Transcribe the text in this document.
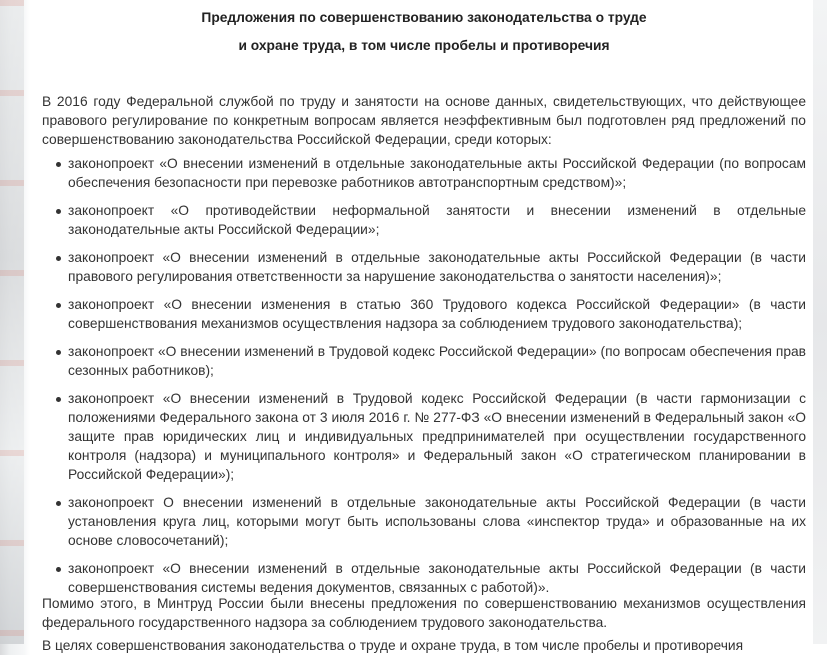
Предложения по совершенствованию законодательства о труде

и охране труда, в том числе пробелы и противоречия

В 2016 году Федеральной службой по труду и занятости на основе данных, свидетельствующих, что действующее правового регулирование по конкретным вопросам является неэффективным был подготовлен ряд предложений по совершенствованию законодательства Российской Федерации, среди которых:

законопроект «О внесении изменений в отдельные законодательные акты Российской Федерации (по вопросам обеспечения безопасности при перевозке работников автотранспортным средством)»;
законопроект «О противодействии неформальной занятости и внесении изменений в отдельные законодательные акты Российской Федерации»;
законопроект «О внесении изменений в отдельные законодательные акты Российской Федерации (в части правового регулирования ответственности за нарушение законодательства о занятости населения)»;
законопроект «О внесении изменения в статью 360 Трудового кодекса Российской Федерации» (в части совершенствования механизмов осуществления надзора за соблюдением трудового законодательства);
законопроект «О внесении изменений в Трудовой кодекс Российской Федерации» (по вопросам обеспечения прав сезонных работников);
законопроект «О внесении изменений в Трудовой кодекс Российской Федерации (в части гармонизации с положениями Федерального закона от 3 июля 2016 г. № 277-ФЗ «О внесении изменений в Федеральный закон «О защите прав юридических лиц и индивидуальных предпринимателей при осуществлении государственного контроля (надзора) и муниципального контроля» и Федеральный закон «О стратегическом планировании в Российской Федерации»);
законопроект О внесении изменений в отдельные законодательные акты Российской Федерации (в части установления круга лиц, которыми могут быть использованы слова «инспектор труда» и образованные на их основе словосочетаний);
законопроект «О внесении изменений в отдельные законодательные акты Российской Федерации (в части совершенствования системы ведения документов, связанных с работой)».

Помимо этого, в Минтруд России были внесены предложения по совершенствованию механизмов осуществления федерального государственного надзора за соблюдением трудового законодательства.

В целях совершенствования законодательства о труде и охране труда, в том числе пробелы и противоречия
